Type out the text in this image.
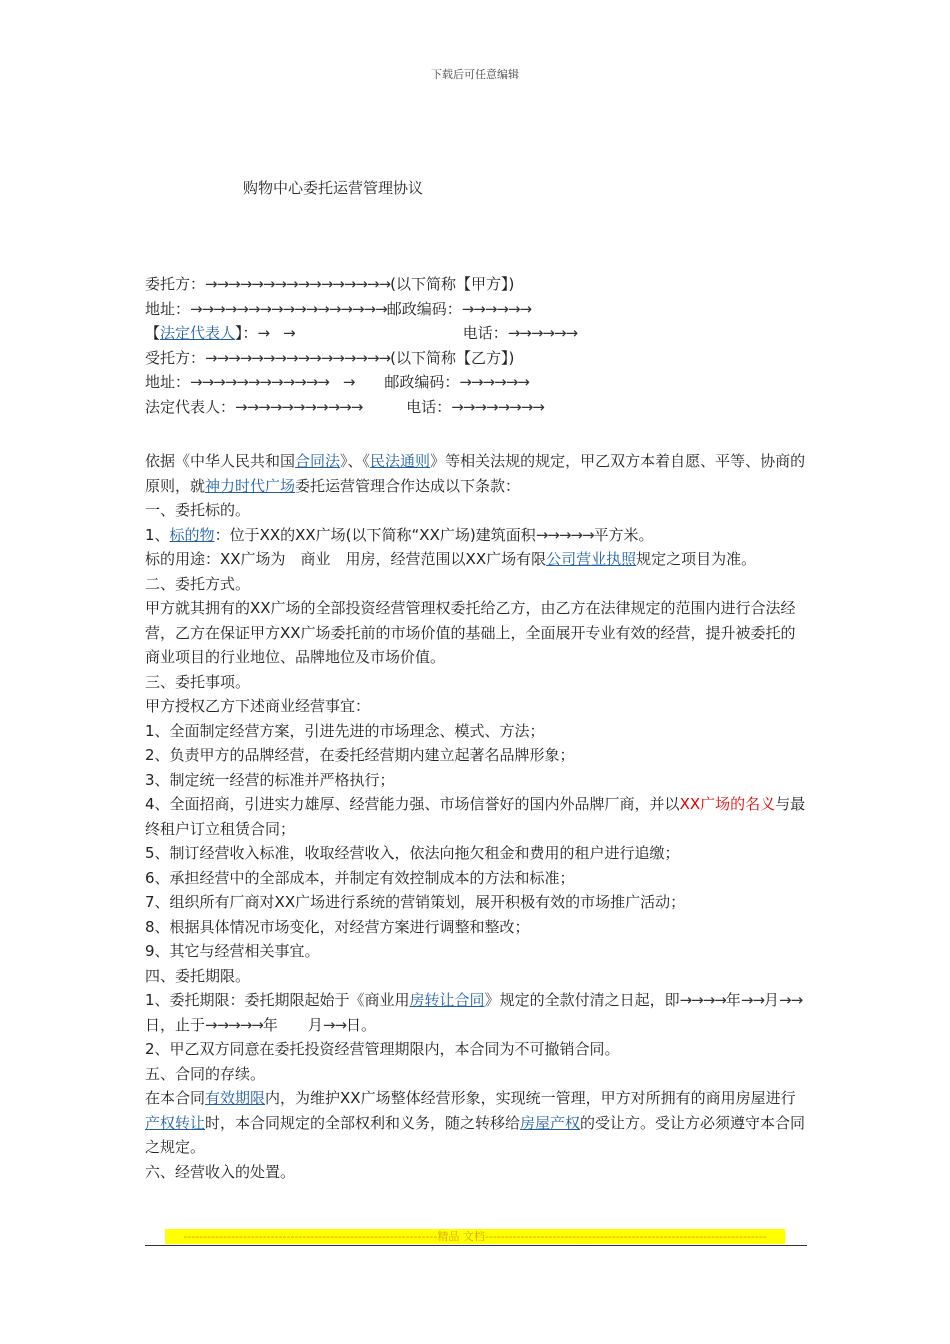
下载后可任意编辑
购物中心委托运营管理协议
委托方：→→→→→→→→→→→→→→→→(以下简称【甲方】)
地址：→→→→→→→→→→→→→→→→→邮政编码：→→→→→→
【法定代表人】：→　→	电话：→→→→→→
受托方：→→→→→→→→→→→→→→→→(以下简称【乙方】)
地址：→→→→→→→→→→→→　→ 邮政编码：→→→→→→
法定代表人：→→→→→→→→→→→	电话：→→→→→→→→
依据《中华人民共和国合同法》、《民法通则》等相关法规的规定，甲乙双方本着自愿、平等、协商的原则，就神力时代广场委托运营管理合作达成以下条款：
一、委托标的。
1、标的物：位于XX的XX广场(以下简称“XX广场)建筑面积→→→→→平方米。
标的用途：XX广场为　商业　用房，经营范围以XX广场有限公司营业执照规定之项目为准。
二、委托方式。
甲方就其拥有的XX广场的全部投资经营管理权委托给乙方，由乙方在法律规定的范围内进行合法经营，乙方在保证甲方XX广场委托前的市场价值的基础上，全面展开专业有效的经营，提升被委托的商业项目的行业地位、品牌地位及市场价值。
三、委托事项。
甲方授权乙方下述商业经营事宜：
1、全面制定经营方案，引进先进的市场理念、模式、方法；
2、负责甲方的品牌经营，在委托经营期内建立起著名品牌形象；
3、制定统一经营的标准并严格执行；
4、全面招商，引进实力雄厚、经营能力强、市场信誉好的国内外品牌厂商，并以XX广场的名义与最终租户订立租赁合同；
5、制订经营收入标准，收取经营收入，依法向拖欠租金和费用的租户进行追缴；
6、承担经营中的全部成本，并制定有效控制成本的方法和标准；
7、组织所有厂商对XX广场进行系统的营销策划，展开积极有效的市场推广活动；
8、根据具体情况市场变化，对经营方案进行调整和整改；
9、其它与经营相关事宜。
四、委托期限。
1、委托期限：委托期限起始于《商业用房转让合同》规定的全款付清之日起，即→→→→年→→月→→日，止于→→→→→年　　月→→日。
2、甲乙双方同意在委托投资经营管理期限内，本合同为不可撤销合同。
五、合同的存续。
在本合同有效期限内，为维护XX广场整体经营形象，实现统一管理，甲方对所拥有的商用房屋进行产权转让时，本合同规定的全部权利和义务，随之转移给房屋产权的受让方。受让方必须遵守本合同之规定。
六、经营收入的处置。
----------------------------------------------------------------精品 文档-----------------------------------------------------------------------
